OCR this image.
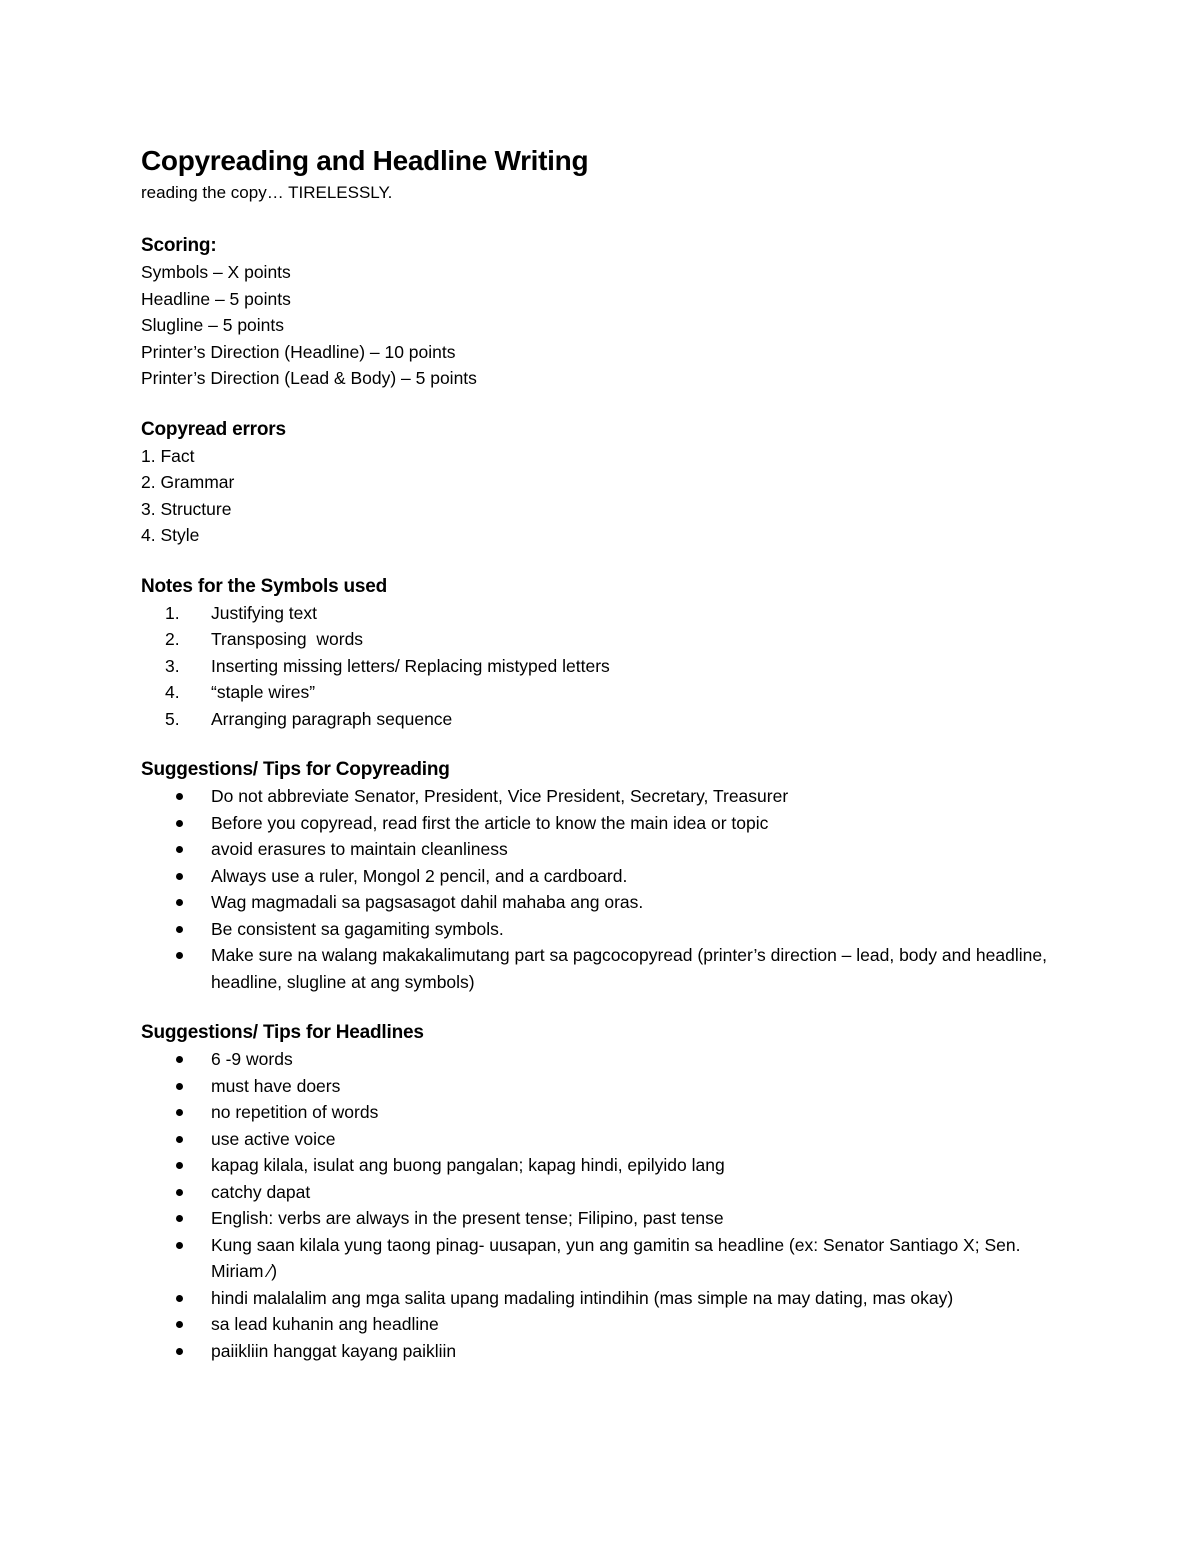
Copyreading and Headline Writing

reading the copy… TIRELESSLY.

Scoring:

Symbols – X points

Headline – 5 points

Slugline – 5 points

Printer’s Direction (Headline) – 10 points

Printer’s Direction (Lead & Body) – 5 points

Copyread errors

1. Fact

2. Grammar

3. Structure

4. Style

Notes for the Symbols used
1. Justifying text
2. Transposing  words
3. Inserting missing letters/ Replacing mistyped letters
4. “staple wires”
5. Arranging paragraph sequence
Suggestions/ Tips for Copyreading
Do not abbreviate Senator, President, Vice President, Secretary, Treasurer
Before you copyread, read first the article to know the main idea or topic
avoid erasures to maintain cleanliness
Always use a ruler, Mongol 2 pencil, and a cardboard.
Wag magmadali sa pagsasagot dahil mahaba ang oras.
Be consistent sa gagamiting symbols.
Make sure na walang makakalimutang part sa pagcocopyread (printer’s direction – lead, body and headline, headline, slugline at ang symbols)
Suggestions/ Tips for Headlines
6 -9 words
must have doers
no repetition of words
use active voice
kapag kilala, isulat ang buong pangalan; kapag hindi, epilyido lang
catchy dapat
English: verbs are always in the present tense; Filipino, past tense
Kung saan kilala yung taong pinag- uusapan, yun ang gamitin sa headline (ex: Senator Santiago X; Sen. Miriam ⁄)
hindi malalalim ang mga salita upang madaling intindihin (mas simple na may dating, mas okay)
sa lead kuhanin ang headline
paiikliin hanggat kayang paikliin
